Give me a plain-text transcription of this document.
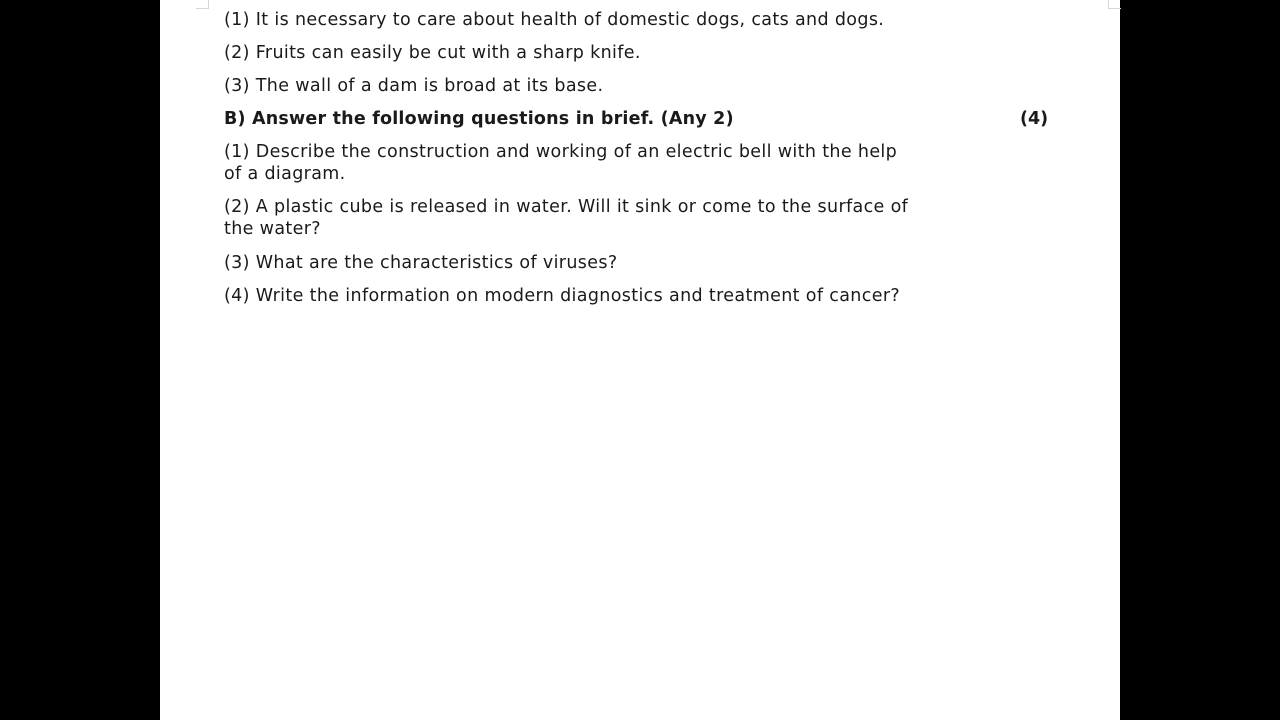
(1) It is necessary to care about health of domestic dogs, cats and dogs.
(2) Fruits can easily be cut with a sharp knife.
(3) The wall of a dam is broad at its base.
B) Answer the following questions in brief. (Any 2)	(4)
(1) Describe the construction and working of an electric bell with the help
of a diagram.
(2) A plastic cube is released in water. Will it sink or come to the surface of
the water?
(3) What are the characteristics of viruses?
(4) Write the information on modern diagnostics and treatment of cancer?
